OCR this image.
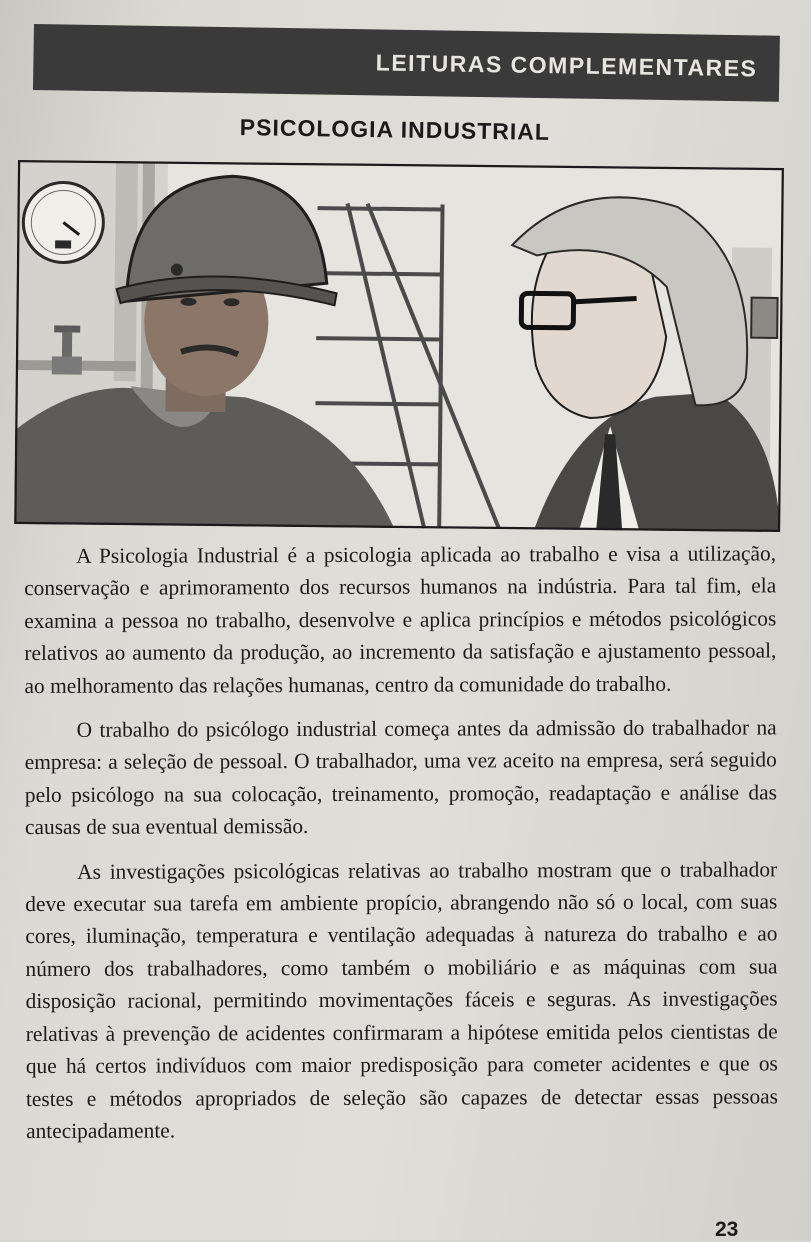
LEITURAS COMPLEMENTARES
PSICOLOGIA INDUSTRIAL

A Psicologia Industrial é a psicologia aplicada ao trabalho e visa a utilização, conservação e aprimoramento dos recursos humanos na indústria. Para tal fim, ela examina a pessoa no trabalho, desenvolve e aplica princípios e métodos psicológicos relativos ao aumento da produção, ao incremento da satisfação e ajustamento pessoal, ao melhoramento das relações humanas, centro da comunidade do trabalho.

O trabalho do psicólogo industrial começa antes da admissão do trabalhador na empresa: a seleção de pessoal. O trabalhador, uma vez aceito na empresa, será seguido pelo psicólogo na sua colocação, treinamento, promoção, readaptação e análise das causas de sua eventual demissão.

As investigações psicológicas relativas ao trabalho mostram que o trabalhador deve executar sua tarefa em ambiente propício, abrangendo não só o local, com suas cores, iluminação, temperatura e ventilação adequadas à natureza do trabalho e ao número dos trabalhadores, como também o mobiliário e as máquinas com sua disposição racional, permitindo movimentações fáceis e seguras. As investigações relativas à prevenção de acidentes confirmaram a hipótese emitida pelos cientistas de que há certos indivíduos com maior predisposição para cometer acidentes e que os testes e métodos apropriados de seleção são capazes de detectar essas pessoas antecipadamente.

23
